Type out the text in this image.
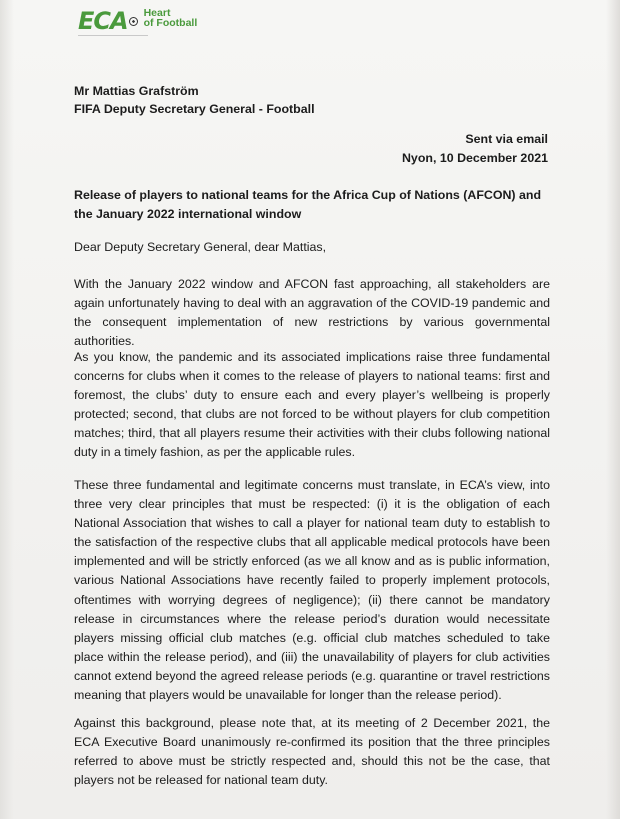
ECA Heart
of Football
Mr Mattias Grafström
FIFA Deputy Secretary General - Football
Sent via email
Nyon, 10 December 2021
Release of players to national teams for the Africa Cup of Nations (AFCON) and the January 2022 international window
Dear Deputy Secretary General, dear Mattias,

With the January 2022 window and AFCON fast approaching, all stakeholders are again unfortunately having to deal with an aggravation of the COVID-19 pandemic and the consequent implementation of new restrictions by various governmental authorities.

As you know, the pandemic and its associated implications raise three fundamental concerns for clubs when it comes to the release of players to national teams: first and foremost, the clubs’ duty to ensure each and every player’s wellbeing is properly protected; second, that clubs are not forced to be without players for club competition matches; third, that all players resume their activities with their clubs following national duty in a timely fashion, as per the applicable rules.

These three fundamental and legitimate concerns must translate, in ECA’s view, into three very clear principles that must be respected: (i) it is the obligation of each National Association that wishes to call a player for national team duty to establish to the satisfaction of the respective clubs that all applicable medical protocols have been implemented and will be strictly enforced (as we all know and as is public information, various National Associations have recently failed to properly implement protocols, oftentimes with worrying degrees of negligence); (ii) there cannot be mandatory release in circumstances where the release period’s duration would necessitate players missing official club matches (e.g. official club matches scheduled to take place within the release period), and (iii) the unavailability of players for club activities cannot extend beyond the agreed release periods (e.g. quarantine or travel restrictions meaning that players would be unavailable for longer than the release period).

Against this background, please note that, at its meeting of 2 December 2021, the ECA Executive Board unanimously re-confirmed its position that the three principles referred to above must be strictly respected and, should this not be the case, that players not be released for national team duty.
